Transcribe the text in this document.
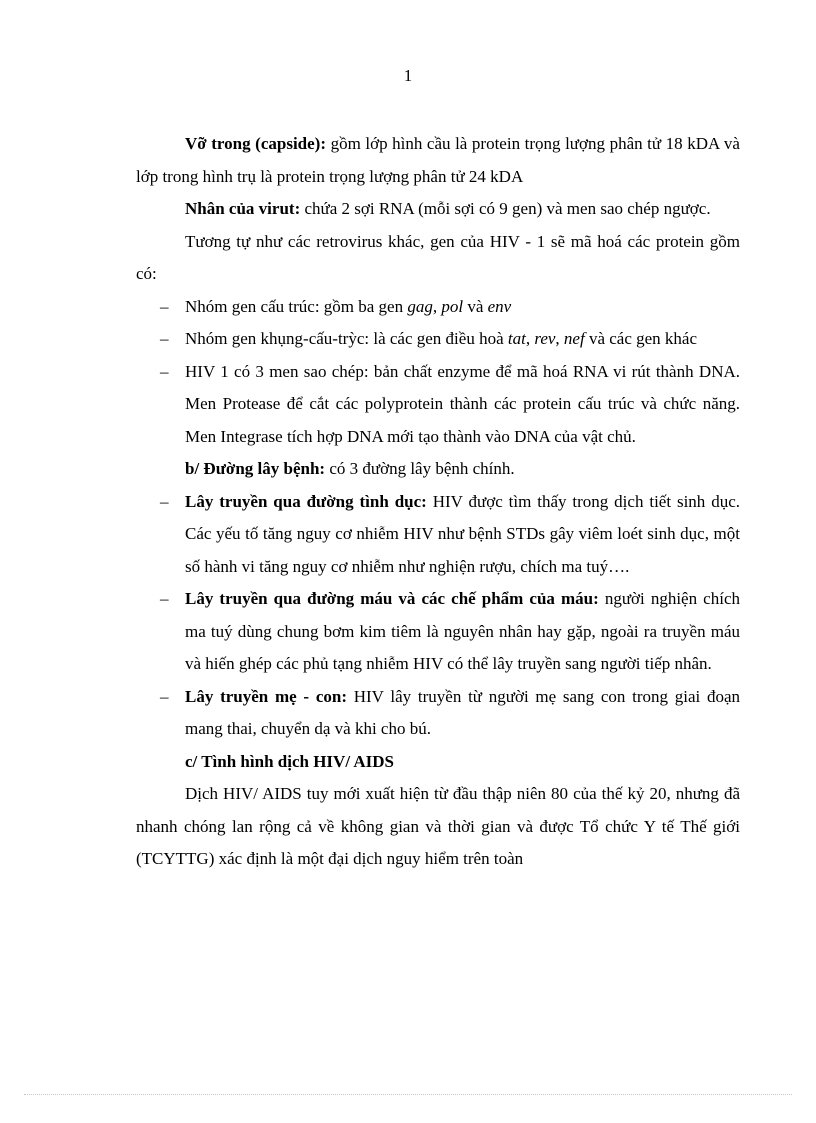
1

Vỡ trong (capside): gồm lớp hình cầu là protein trọng lượng phân tử 18 kDA và lớp trong hình trụ là protein trọng lượng phân tử 24 kDA

Nhân của virut: chứa 2 sợi RNA (mỗi sợi có 9 gen) và men sao chép ngược.

Tương tự như các retrovirus khác, gen của HIV - 1 sẽ mã hoá các protein gồm có:

– Nhóm gen cấu trúc: gồm ba gen gag, pol và env
– Nhóm gen khụng-cấu-trỳc: là các gen điều hoà tat, rev, nef và các gen khác
– HIV 1 có 3 men sao chép: bản chất enzyme để mã hoá RNA vi rút thành DNA. Men Protease để cắt các polyprotein thành các protein cấu trúc và chức năng. Men Integrase tích hợp DNA mới tạo thành vào DNA của vật chủ.

b/ Đường lây bệnh: có 3 đường lây bệnh chính.

– Lây truyền qua đường tình dục: HIV được tìm thấy trong dịch tiết sinh dục. Các yếu tố tăng nguy cơ nhiễm HIV như bệnh STDs gây viêm loét sinh dục, một số hành vi tăng nguy cơ nhiễm như nghiện rượu, chích ma tuý….
– Lây truyền qua đường máu và các chế phẩm của máu: người nghiện chích ma tuý dùng chung bơm kim tiêm là nguyên nhân hay gặp, ngoài ra truyền máu và hiến ghép các phủ tạng nhiễm HIV có thể lây truyền sang người tiếp nhân.
– Lây truyền mẹ - con: HIV lây truyền từ người mẹ sang con trong giai đoạn mang thai, chuyển dạ và khi cho bú.

c/ Tình hình dịch HIV/ AIDS

Dịch HIV/ AIDS tuy mới xuất hiện từ đầu thập niên 80 của thế kỷ 20, nhưng đã nhanh chóng lan rộng cả về không gian và thời gian và được Tổ chức Y tế Thế giới (TCYTTG) xác định là một đại dịch nguy hiểm trên toàn
